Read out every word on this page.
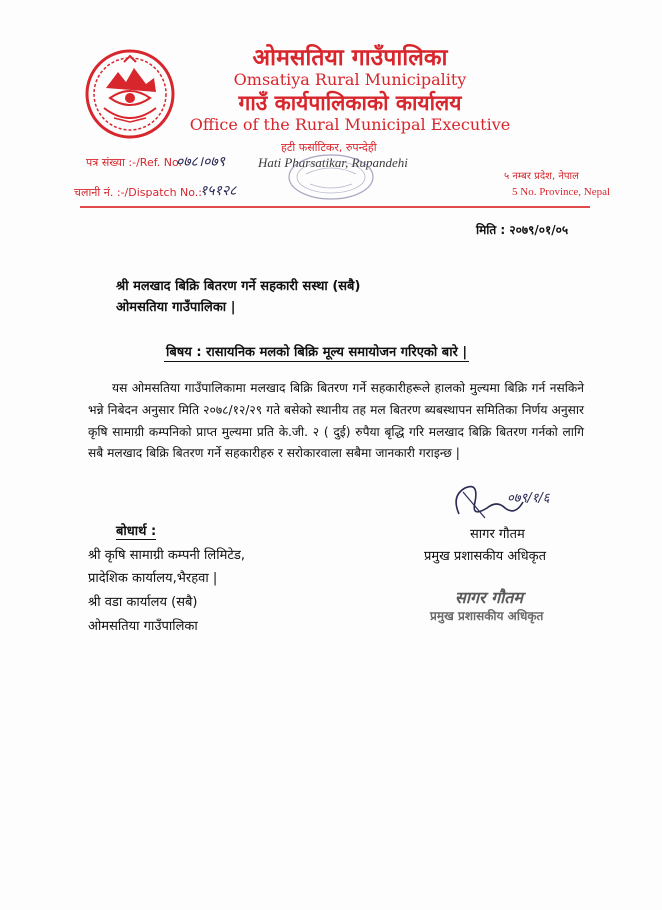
ओमसतिया गाउँपालिका
Omsatiya Rural Municipality
गाउँ कार्यपालिकाको कार्यालय
Office of the Rural Municipal Executive
हटी फर्साटिकर, रुपन्देही
Hati Pharsatikar, Rupandehi
पत्र संख्या :-/Ref. No.
०७८।०७९
चलानी नं. :-/Dispatch No.:
१५१२८
५ नम्बर प्रदेश, नेपाल
5 No. Province, Nepal
मिति : २०७९/०१/०५
श्री मलखाद बिक्रि बितरण गर्ने सहकारी सस्था (सबै)
ओमसतिया गाउँपालिका |
बिषय : रासायनिक मलको बिक्रि मूल्य समायोजन गरिएको बारे |
यस ओमसतिया गाउँपालिकामा मलखाद बिक्रि बितरण गर्ने सहकारीहरूले हालको मुल्यमा बिक्रि गर्न नसकिने भन्ने निबेदन अनुसार मिति २०७८/१२/२९ गते बसेको स्थानीय तह मल बितरण ब्यबस्थापन समितिका निर्णय अनुसार कृषि सामाग्री कम्पनिको प्राप्त मुल्यमा प्रति के.जी. २ ( दुई) रुपैया बृद्धि गरि मलखाद बिक्रि बितरण गर्नको लागि सबै मलखाद बिक्रि बितरण गर्ने सहकारीहरु र सरोकारवाला सबैमा जानकारी गराइन्छ |
०७९/१/६
सागर गौतम
प्रमुख प्रशासकीय अधिकृत
बोधार्थ :
श्री कृषि सामाग्री कम्पनी लिमिटेड,
प्रादेशिक कार्यालय,भैरहवा |
श्री वडा कार्यालय (सबै)
ओमसतिया गाउँपालिका
सागर गौतम
प्रमुख प्रशासकीय अधिकृत
